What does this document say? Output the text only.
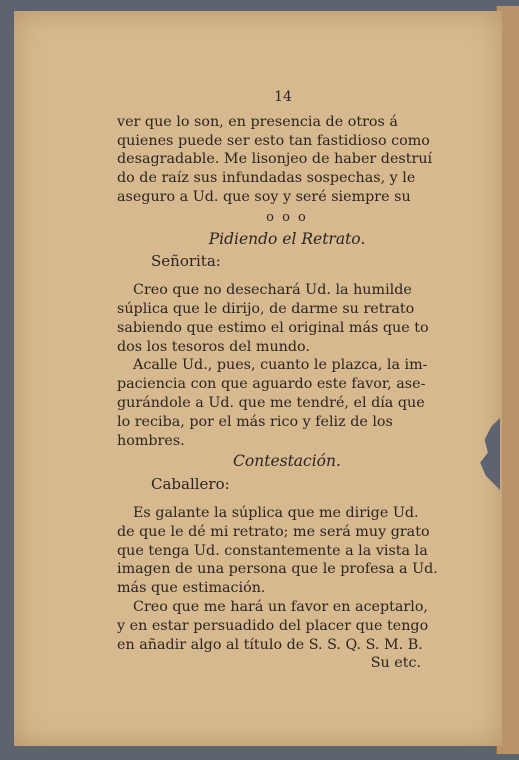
14
ver que lo son, en presencia de otros á
quienes puede ser esto tan fastidioso como
desagradable. Me lisonjeo de haber destruí
do de raíz sus infundadas sospechas, y le
aseguro a Ud. que soy y seré siempre su
o o o
Pidiendo el Retrato.
Señorita:
Creo que no desechará Ud. la humilde
súplica que le dirijo, de darme su retrato
sabiendo que estimo el original más que to
dos los tesoros del mundo.
Acalle Ud., pues, cuanto le plazca, la im-
paciencia con que aguardo este favor, ase-
gurándole a Ud. que me tendré, el día que
lo reciba, por el más rico y feliz de los
hombres.
Contestación.
Caballero:
Es galante la súplica que me dirige Ud.
de que le dé mi retrato; me será muy grato
que tenga Ud. constantemente a la vista la
imagen de una persona que le profesa a Ud.
más que estimación.
Creo que me hará un favor en aceptarlo,
y en estar persuadido del placer que tengo
en añadir algo al título de S. S. Q. S. M. B.
Su etc.
